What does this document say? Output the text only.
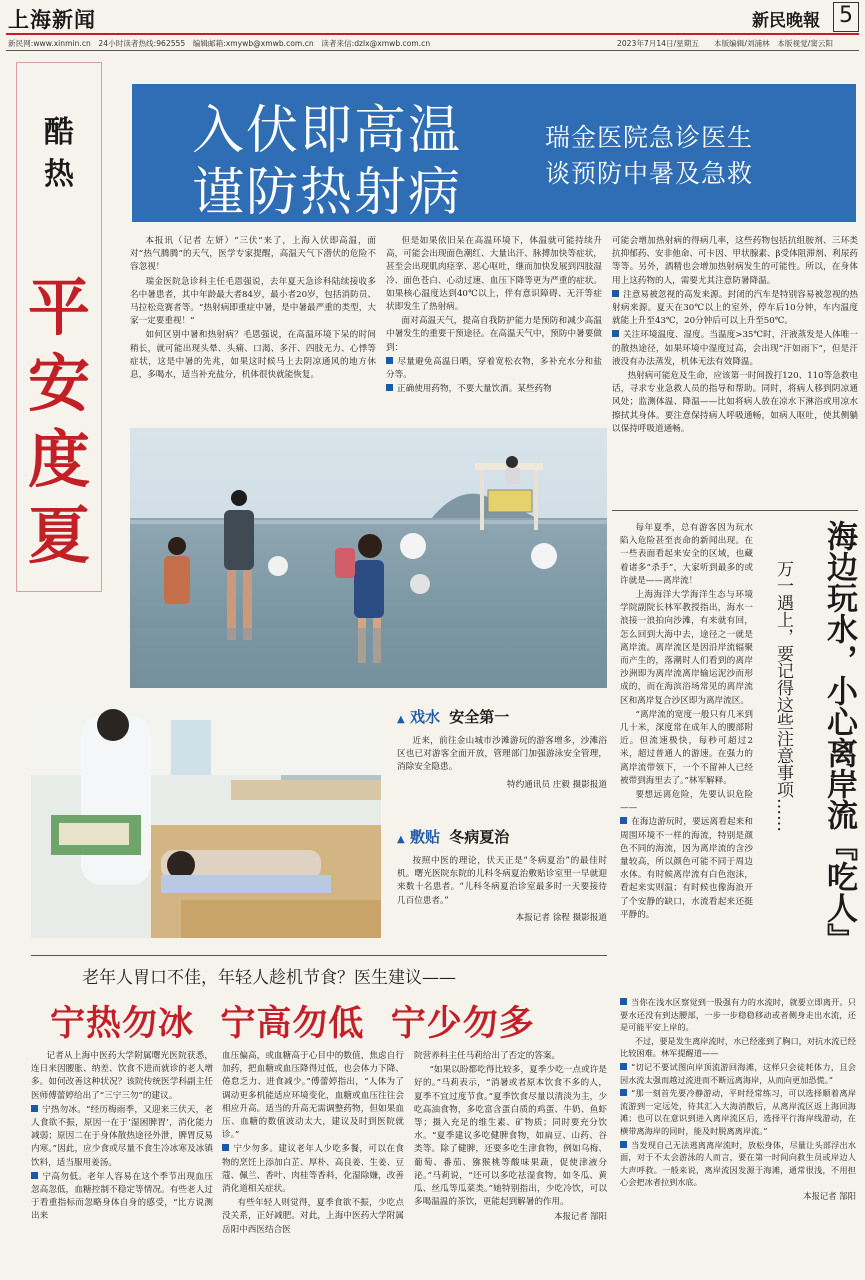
上海新闻	新民晚報 5
新民网:www.xinmin.cn　24小时读者热线:962555　编辑邮箱:xmywb@xmwb.com.cn　读者来信:dzlx@xmwb.com.cn	2023年7月14日/星期五 本版编辑/刘浦林　本版视觉/窦云阳
酷
热
平
安
度
夏
入伏即高温
谨防热射病
瑞金医院急诊医生
谈预防中暑及急救

本报讯（记者 左妍）“三伏”来了，上海入伏即高温，面对“热气腾腾”的天气，医学专家提醒，高温天气下潜伏的危险不容忽视！

瑞金医院急诊科主任毛恩强说，去年夏天急诊科陆续接收多名中暑患者，其中年龄最大者84岁，最小者20岁，包括消防员、马拉松竞赛者等。“热射病即重症中暑，是中暑最严重的类型，大家一定要重视！”

如何区别中暑和热射病？毛恩强说，在高温环境下呆的时间稍长，就可能出现头晕、头痛、口渴、多汗、四肢无力、心悸等症状，这是中暑的先兆，如果这时候马上去阴凉通风的地方休息，多喝水，适当补充盐分，机体很快就能恢复。

但是如果依旧呆在高温环境下，体温就可能持续升高，可能会出现面色潮红、大量出汗、脉搏加快等症状，甚至会出现肌肉痉挛、恶心呕吐，继而加快发展到四肢湿冷、面色苍白、心动过速、血压下降等更为严重的症状。如果核心温度达到40℃以上，伴有意识障碍、无汗等症状即发生了热射病。

面对高温天气，提高自我防护能力是预防和减少高温中暑发生的重要干预途径。在高温天气中，预防中暑要做到：

尽量避免高温日晒，穿着宽松衣物，多补充水分和盐分等。

正确使用药物，不要大量饮酒。某些药物

可能会增加热射病的得病几率，这些药物包括抗组胺剂、三环类抗抑郁药、安非他命、可卡因、甲状腺素、β受体阻滞剂、利尿药等等。另外，酒精也会增加热射病发生的可能性。所以，在身体用上这药物的人，需要尤其注意防暑降温。

注意易被忽视的高发来源。封闭的汽车是特别容易被忽视的热射病来源。夏天在30℃以上的室外，停车后10分钟，车内温度就能上升至43℃，20分钟后可以上升至50℃。

关注环境温度、湿度。当温度>35℃时，汗液蒸发是人体唯一的散热途径，如果环境中湿度过高，会出现“汗如雨下”，但是汗液没有办法蒸发，机体无法有效降温。

热射病可能危及生命，应该第一时间拨打120、110等急救电话，寻求专业急救人员的指导和帮助。同时，将病人移到阴凉通风处；监测体温、降温——比如将病人放在凉水下淋浴或用凉水擦拭其身体。要注意保持病人呼吸通畅，如病人呕吐，使其侧躺以保持呼吸道通畅。

▲ 戏水 安全第一

近来，前往金山城市沙滩游玩的游客增多，沙滩浴区也已对游客全面开放，管理部门加强游泳安全管理，消除安全隐患。

特约通讯员 庄毅 摄影报道
▲ 敷贴 冬病夏治

按照中医的理论，伏天正是“冬病夏治”的最佳时机。曙光医院东院的儿科冬病夏治敷贴诊室里一早就迎来数十名患者。“儿科冬病夏治诊室最多时一天要接待几百位患者。”

本报记者 徐程 摄影报道	海边玩水，小心离岸流『吃人』
万一遇上，要记得这些注意事项……

每年夏季，总有游客因为玩水陷入危险甚至丧命的新闻出现。在一些表面看起来安全的区域，也藏着诸多“杀手”，大家听到最多的或许就是——离岸流！

上海海洋大学海洋生态与环境学院副院长林军教授指出，海水一浪接一浪拍向沙滩，有来就有回，怎么回到大海中去，途径之一就是离岸流。离岸流区是因沿岸流辐聚而产生的，落潮时人们看到的离岸沙洲即为离岸流离岸输运泥沙而形成的，而在海滨浴场常见的离岸流区和离岸复合沙区即为离岸流区。

“离岸流的宽度一般只有几米到几十米，深度常在成年人的腰部附近。但流速极快，每秒可超过2米，超过普通人的游速。在强力的离岸流带领下，一个不留神人已经被带到海里去了。”林军解释。

要想远离危险，先要认识危险——

在海边游玩时，要远离看起来和周围环境不一样的海流，特别是颜色不同的海流，因为离岸流的含沙量较高，所以颜色可能不同于周边水体。有时候离岸流有白色泡沫，看起来实则温；有时候也像海浪开了个安静的缺口，水流看起来还挺平静的。

当你在浅水区察觉到一股强有力的水流时，就要立即离开。只要水还没有到达腰部，一步一步稳稳移动或者侧身走出水流，还是可能平安上岸的。

不过，要是发生离岸流时，水已经涨到了胸口，对抗水流已经比较困难。林军提醒道——

“切记不要试图向岸顶流游回海滩，这样只会徒耗体力，且会因水流太强而越过流进而不断远离海岸，从而向更加恐慌。”

“那一刻首先要冷静游动，平时经常练习，可以选择顺着离岸流游到一定远处，待其汇入大海消散后，从离岸流区返上海回海滩；也可以在意识到进入离岸流区后，选择平行海岸线游动，在横带离海岸的同时，能及时脱离离岸流。”

当发现自己无法逃离离岸流时，放松身体，尽量让头部浮出水面，对于不太会游泳的人而言，要在第一时间向救生员或岸边人大声呼救。一般来说，离岸流因发源于海滩，通常很浅，不用担心会把冰者拉到水底。

本报记者 郜阳
老年人胃口不佳，年轻人趁机节食？医生建议——
宁热勿冰  宁高勿低  宁少勿多

记者从上海中医药大学附属曙光医院获悉，连日来因腰胀、纳差、饮食不进而就诊的老人增多。如何改善这种状况？该院传统医学科副主任医师傅蕾婷给出了“三宁三勿”的建议。

宁热勿冰。“经历梅雨季，又迎来三伏天，老人食欲不振，原因一在于‘湿困脾胃’，消化能力减弱；原因二在于身体散热途径外泄，脾胃反易内寒。”因此，应少食或尽量不食生冷冰寒及冰镇饮料，适当服用姜汤。

宁高勿低。老年人容易在这个季节出现血压忽高忽低，血糖控制不稳定等情况。有些老人过于看重指标而忽略身体自身的感受，“比方说测出来

血压偏高，或血糖高于心目中的数值，焦虑自行加药，把血糖或血压降得过低，也会体力下降、倦怠乏力、进食减少。”傅蕾婷指出，“人体为了调动更多机能适应环境变化，血糖或血压往往会相应升高。适当的升高无需调整药物，但如果血压、血糖的数值波动太大，建议及时到医院就诊。”

宁少勿多。建议老年人少吃多餐，可以在食物的烹饪上添加白芷、厚朴、高良姜、生姜、豆蔻、佩兰、香叶、肉桂等香料，化湿除嫌，改善消化道相关症状。

有些年轻人则觉得，夏季食欲不振，少吃点没关系，正好减肥。对此，上海中医药大学附属岳阳中西医结合医

院营养科主任马莉给出了否定的答案。

“如果以盼都吃得比较多，夏季少吃一点或许是好的。”马莉表示，“消暑或者原本饮食不多的人，夏季不宜过度节食。”夏季饮食尽量以清淡为主，少吃高油食物，多吃富含蛋白质的鸡蛋、牛奶、鱼虾等；摄入充足的维生素、矿物质；同时要充分饮水。“夏季建议多吃健脾食物，如扁豆、山药、谷类等。除了健脾，还要多吃生津食物，例如乌梅、葡萄、番茄、猕猴桃等酸味果蔬，促使津液分泌。”马莉说，“还可以多吃祛湿食物，如冬瓜、黄瓜、丝瓜等瓜菜类。”她特别指出，少吃冷饮，可以多喝温温的茶饮，更能起到解暑的作用。

本报记者 郜阳
